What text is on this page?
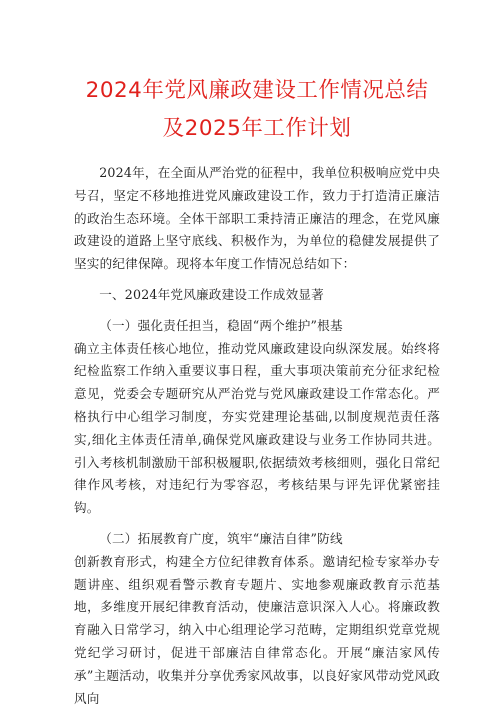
2024年党风廉政建设工作情况总结
及2025年工作计划

2024年，在全面从严治党的征程中，我单位积极响应党中央号召，坚定不移地推进党风廉政建设工作，致力于打造清正廉洁的政治生态环境。全体干部职工秉持清正廉洁的理念，在党风廉政建设的道路上坚守底线、积极作为，为单位的稳健发展提供了坚实的纪律保障。现将本年度工作情况总结如下：

一、2024年党风廉政建设工作成效显著

（一）强化责任担当，稳固“两个维护”根基

确立主体责任核心地位，推动党风廉政建设向纵深发展。始终将纪检监察工作纳入重要议事日程，重大事项决策前充分征求纪检意见，党委会专题研究从严治党与党风廉政建设工作常态化。严格执行中心组学习制度，夯实党建理论基础,以制度规范责任落实,细化主体责任清单,确保党风廉政建设与业务工作协同共进。引入考核机制激励干部积极履职,依据绩效考核细则，强化日常纪律作风考核，对违纪行为零容忍，考核结果与评先评优紧密挂钩。

（二）拓展教育广度，筑牢“廉洁自律”防线

创新教育形式，构建全方位纪律教育体系。邀请纪检专家举办专题讲座、组织观看警示教育专题片、实地参观廉政教育示范基地，多维度开展纪律教育活动，使廉洁意识深入人心。将廉政教育融入日常学习，纳入中心组理论学习范畴，定期组织党章党规党纪学习研讨，促进干部廉洁自律常态化。开展“廉洁家风传承”主题活动，收集并分享优秀家风故事，以良好家风带动党风政风向
